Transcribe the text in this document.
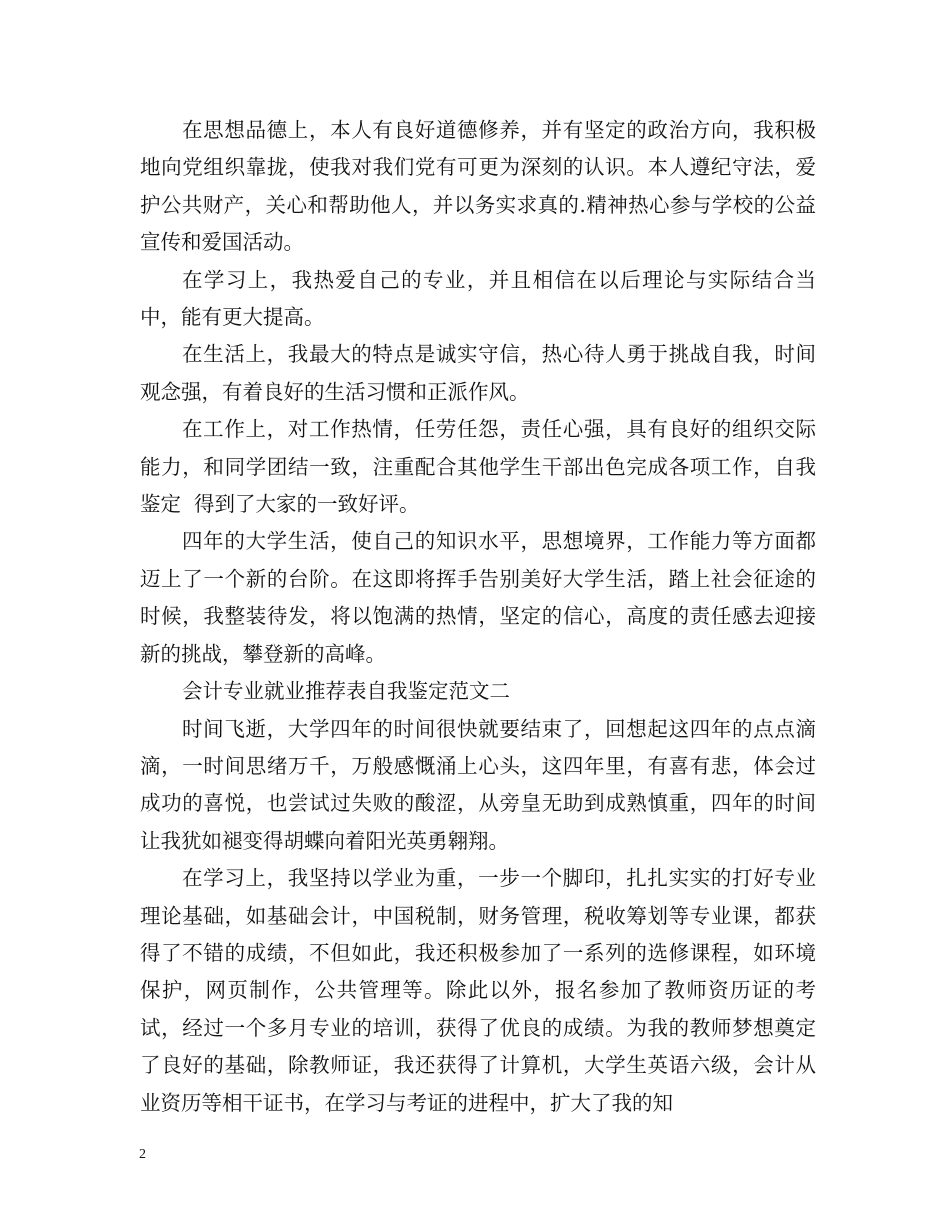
在思想品德上，本人有良好道德修养，并有坚定的政治方向，我积极地向党组织靠拢，使我对我们党有可更为深刻的认识。本人遵纪守法，爱护公共财产，关心和帮助他人，并以务实求真的.精神热心参与学校的公益宣传和爱国活动。

在学习上，我热爱自己的专业，并且相信在以后理论与实际结合当中，能有更大提高。

在生活上，我最大的特点是诚实守信，热心待人勇于挑战自我，时间观念强，有着良好的生活习惯和正派作风。

在工作上，对工作热情，任劳任怨，责任心强，具有良好的组织交际能力，和同学团结一致，注重配合其他学生干部出色完成各项工作，自我鉴定  得到了大家的一致好评。

四年的大学生活，使自己的知识水平，思想境界，工作能力等方面都迈上了一个新的台阶。在这即将挥手告别美好大学生活，踏上社会征途的时候，我整装待发，将以饱满的热情，坚定的信心，高度的责任感去迎接新的挑战，攀登新的高峰。

会计专业就业推荐表自我鉴定范文二

时间飞逝，大学四年的时间很快就要结束了，回想起这四年的点点滴滴，一时间思绪万千，万般感慨涌上心头，这四年里，有喜有悲，体会过成功的喜悦，也尝试过失败的酸涩，从旁皇无助到成熟慎重，四年的时间让我犹如褪变得胡蝶向着阳光英勇翱翔。

在学习上，我坚持以学业为重，一步一个脚印，扎扎实实的打好专业理论基础，如基础会计，中国税制，财务管理，税收筹划等专业课，都获得了不错的成绩，不但如此，我还积极参加了一系列的选修课程，如环境保护，网页制作，公共管理等。除此以外，报名参加了教师资历证的考试，经过一个多月专业的培训，获得了优良的成绩。为我的教师梦想奠定了良好的基础，除教师证，我还获得了计算机，大学生英语六级，会计从业资历等相干证书，在学习与考证的进程中，扩大了我的知

2
